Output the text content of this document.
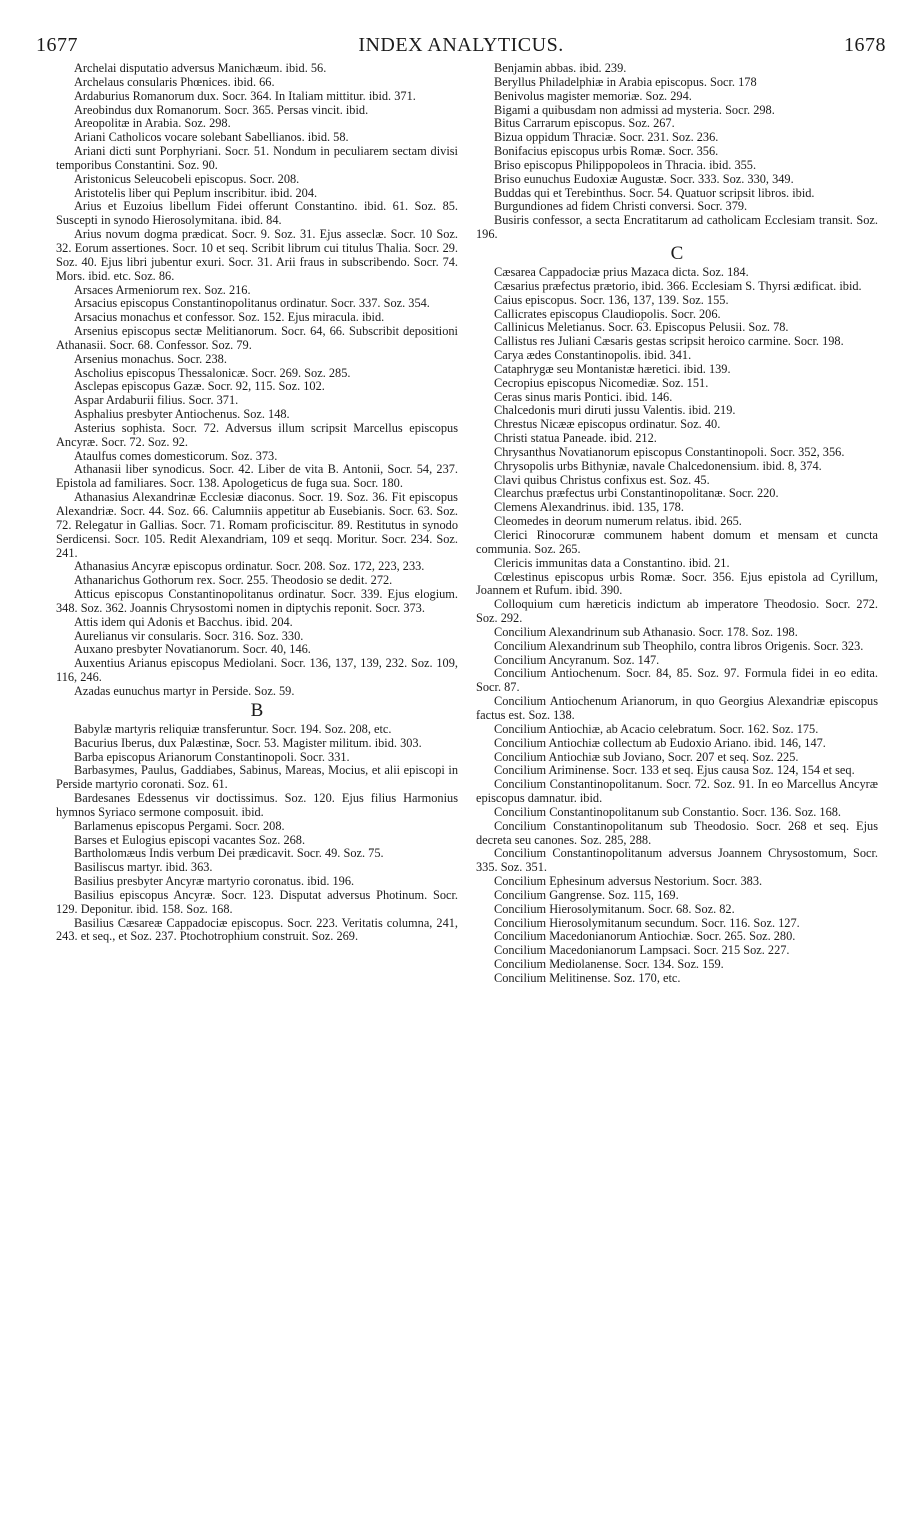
1677	INDEX ANALYTICUS.	1678

Archelai disputatio adversus Manichæum. ibid. 56.

Archelaus consularis Phœnices. ibid. 66.

Ardaburius Romanorum dux. Socr. 364. In Italiam mittitur. ibid. 371.

Areobindus dux Romanorum. Socr. 365. Persas vincit. ibid.

Areopolitæ in Arabia. Soz. 298.

Ariani Catholicos vocare solebant Sabellianos. ibid. 58.

Ariani dicti sunt Porphyriani. Socr. 51. Nondum in peculiarem sectam divisi temporibus Constantini. Soz. 90.

Aristonicus Seleucobeli episcopus. Socr. 208.

Aristotelis liber qui Peplum inscribitur. ibid. 204.

Arius et Euzoius libellum Fidei offerunt Constantino. ibid. 61. Soz. 85. Suscepti in synodo Hierosolymitana. ibid. 84.

Arius novum dogma prædicat. Socr. 9. Soz. 31. Ejus asseclæ. Socr. 10 Soz. 32. Eorum assertiones. Socr. 10 et seq. Scribit librum cui titulus Thalia. Socr. 29. Soz. 40. Ejus libri jubentur exuri. Socr. 31. Arii fraus in subscribendo. Socr. 74. Mors. ibid. etc. Soz. 86.

Arsaces Armeniorum rex. Soz. 216.

Arsacius episcopus Constantinopolitanus ordinatur. Socr. 337. Soz. 354.

Arsacius monachus et confessor. Soz. 152. Ejus miracula. ibid.

Arsenius episcopus sectæ Melitianorum. Socr. 64, 66. Subscribit depositioni Athanasii. Socr. 68. Confessor. Soz. 79.

Arsenius monachus. Socr. 238.

Ascholius episcopus Thessalonicæ. Socr. 269. Soz. 285.

Asclepas episcopus Gazæ. Socr. 92, 115. Soz. 102.

Aspar Ardaburii filius. Socr. 371.

Asphalius presbyter Antiochenus. Soz. 148.

Asterius sophista. Socr. 72. Adversus illum scripsit Marcellus episcopus Ancyræ. Socr. 72. Soz. 92.

Ataulfus comes domesticorum. Soz. 373.

Athanasii liber synodicus. Socr. 42. Liber de vita B. Antonii, Socr. 54, 237. Epistola ad familiares. Socr. 138. Apologeticus de fuga sua. Socr. 180.

Athanasius Alexandrinæ Ecclesiæ diaconus. Socr. 19. Soz. 36. Fit episcopus Alexandriæ. Socr. 44. Soz. 66. Calumniis appetitur ab Eusebianis. Socr. 63. Soz. 72. Relegatur in Gallias. Socr. 71. Romam proficiscitur. 89. Restitutus in synodo Serdicensi. Socr. 105. Redit Alexandriam, 109 et seqq. Moritur. Socr. 234. Soz. 241.

Athanasius Ancyræ episcopus ordinatur. Socr. 208. Soz. 172, 223, 233.

Athanarichus Gothorum rex. Socr. 255. Theodosio se dedit. 272.

Atticus episcopus Constantinopolitanus ordinatur. Socr. 339. Ejus elogium. 348. Soz. 362. Joannis Chrysostomi nomen in diptychis reponit. Socr. 373.

Attis idem qui Adonis et Bacchus. ibid. 204.

Aurelianus vir consularis. Socr. 316. Soz. 330.

Auxano presbyter Novatianorum. Socr. 40, 146.

Auxentius Arianus episcopus Mediolani. Socr. 136, 137, 139, 232. Soz. 109, 116, 246.

Azadas eunuchus martyr in Perside. Soz. 59.

B

Babylæ martyris reliquiæ transferuntur. Socr. 194. Soz. 208, etc.

Bacurius Iberus, dux Palæstinæ, Socr. 53. Magister militum. ibid. 303.

Barba episcopus Arianorum Constantinopoli. Socr. 331.

Barbasymes, Paulus, Gaddiabes, Sabinus, Mareas, Mocius, et alii episcopi in Perside martyrio coronati. Soz. 61.

Bardesanes Edessenus vir doctissimus. Soz. 120. Ejus filius Harmonius hymnos Syriaco sermone composuit. ibid.

Barlamenus episcopus Pergami. Socr. 208.

Barses et Eulogius episcopi vacantes Soz. 268.

Bartholomæus Indis verbum Dei prædicavit. Socr. 49. Soz. 75.

Basiliscus martyr. ibid. 363.

Basilius presbyter Ancyræ martyrio coronatus. ibid. 196.

Basilius episcopus Ancyræ. Socr. 123. Disputat adversus Photinum. Socr. 129. Deponitur. ibid. 158. Soz. 168.

Basilius Cæsareæ Cappadociæ episcopus. Socr. 223. Veritatis columna, 241, 243. et seq., et Soz. 237. Ptochotrophium construit. Soz. 269.

Benjamin abbas. ibid. 239.

Beryllus Philadelphiæ in Arabia episcopus. Socr. 178

Benivolus magister memoriæ. Soz. 294.

Bigami a quibusdam non admissi ad mysteria. Socr. 298.

Bitus Carrarum episcopus. Soz. 267.

Bizua oppidum Thraciæ. Socr. 231. Soz. 236.

Bonifacius episcopus urbis Romæ. Socr. 356.

Briso episcopus Philippopoleos in Thracia. ibid. 355.

Briso eunuchus Eudoxiæ Augustæ. Socr. 333. Soz. 330, 349.

Buddas qui et Terebinthus. Socr. 54. Quatuor scripsit libros. ibid.

Burgundiones ad fidem Christi conversi. Socr. 379.

Busiris confessor, a secta Encratitarum ad catholicam Ecclesiam transit. Soz. 196.

C

Cæsarea Cappadociæ prius Mazaca dicta. Soz. 184.

Cæsarius præfectus prætorio, ibid. 366. Ecclesiam S. Thyrsi ædificat. ibid.

Caius episcopus. Socr. 136, 137, 139. Soz. 155.

Callicrates episcopus Claudiopolis. Socr. 206.

Callinicus Meletianus. Socr. 63. Episcopus Pelusii. Soz. 78.

Callistus res Juliani Cæsaris gestas scripsit heroico carmine. Socr. 198.

Carya ædes Constantinopolis. ibid. 341.

Cataphrygæ seu Montanistæ hæretici. ibid. 139.

Cecropius episcopus Nicomediæ. Soz. 151.

Ceras sinus maris Pontici. ibid. 146.

Chalcedonis muri diruti jussu Valentis. ibid. 219.

Chrestus Nicææ episcopus ordinatur. Soz. 40.

Christi statua Paneade. ibid. 212.

Chrysanthus Novatianorum episcopus Constantinopoli. Socr. 352, 356.

Chrysopolis urbs Bithyniæ, navale Chalcedonensium. ibid. 8, 374.

Clavi quibus Christus confixus est. Soz. 45.

Clearchus præfectus urbi Constantinopolitanæ. Socr. 220.

Clemens Alexandrinus. ibid. 135, 178.

Cleomedes in deorum numerum relatus. ibid. 265.

Clerici Rinocoruræ communem habent domum et mensam et cuncta communia. Soz. 265.

Clericis immunitas data a Constantino. ibid. 21.

Cœlestinus episcopus urbis Romæ. Socr. 356. Ejus epistola ad Cyrillum, Joannem et Rufum. ibid. 390.

Colloquium cum hæreticis indictum ab imperatore Theodosio. Socr. 272. Soz. 292.

Concilium Alexandrinum sub Athanasio. Socr. 178. Soz. 198.

Concilium Alexandrinum sub Theophilo, contra libros Origenis. Socr. 323.

Concilium Ancyranum. Soz. 147.

Concilium Antiochenum. Socr. 84, 85. Soz. 97. Formula fidei in eo edita. Socr. 87.

Concilium Antiochenum Arianorum, in quo Georgius Alexandriæ episcopus factus est. Soz. 138.

Concilium Antiochiæ, ab Acacio celebratum. Socr. 162. Soz. 175.

Concilium Antiochiæ collectum ab Eudoxio Ariano. ibid. 146, 147.

Concilium Antiochiæ sub Joviano, Socr. 207 et seq. Soz. 225.

Concilium Ariminense. Socr. 133 et seq. Ejus causa Soz. 124, 154 et seq.

Concilium Constantinopolitanum. Socr. 72. Soz. 91. In eo Marcellus Ancyræ episcopus damnatur. ibid.

Concilium Constantinopolitanum sub Constantio. Socr. 136. Soz. 168.

Concilium Constantinopolitanum sub Theodosio. Socr. 268 et seq. Ejus decreta seu canones. Soz. 285, 288.

Concilium Constantinopolitanum adversus Joannem Chrysostomum, Socr. 335. Soz. 351.

Concilium Ephesinum adversus Nestorium. Socr. 383.

Concilium Gangrense. Soz. 115, 169.

Concilium Hierosolymitanum. Socr. 68. Soz. 82.

Concilium Hierosolymitanum secundum. Socr. 116. Soz. 127.

Concilium Macedonianorum Antiochiæ. Socr. 265. Soz. 280.

Concilium Macedonianorum Lampsaci. Socr. 215 Soz. 227.

Concilium Mediolanense. Socr. 134. Soz. 159.

Concilium Melitinense. Soz. 170, etc.
